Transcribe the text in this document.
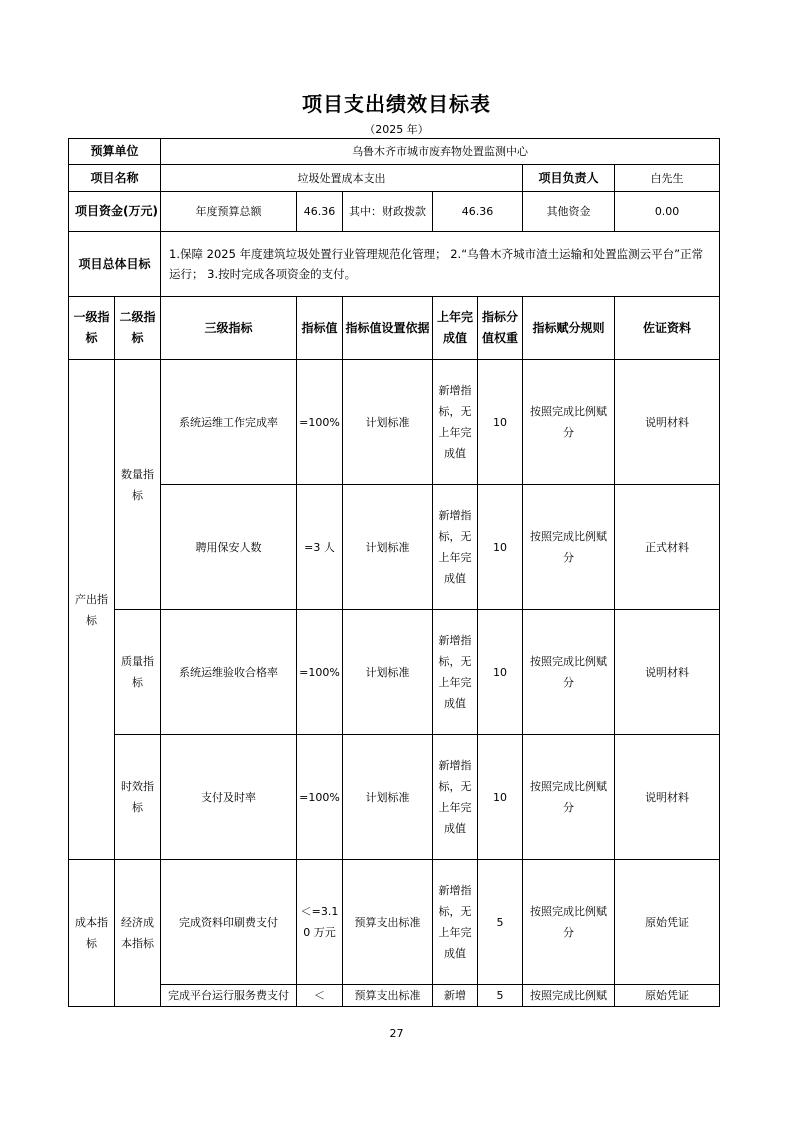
项目支出绩效目标表
（2025 年）
预算单位		乌鲁木齐市城市废弃物处置监测中心						
项目名称		垃圾处置成本支出					项目负责人	白先生
项目资金(万元)		年度预算总额	46.36	其中：财政拨款	46.36		其他资金	0.00
项目总体目标		1.保障 2025 年度建筑垃圾处置行业管理规范化管理； 2.“乌鲁木齐城市渣土运输和处置监测云平台”正常运行； 3.按时完成各项资金的支付。						
一级指标	二级指标	三级指标	指标值	指标值设置依据	上年完成值	指标分值权重	指标赋分规则	佐证资料
产出指标	数量指标	系统运维工作完成率	=100%	计划标准	新增指标，无上年完成值	10	按照完成比例赋分	说明材料
		聘用保安人数	=3 人	计划标准	新增指标，无上年完成值	10	按照完成比例赋分	正式材料
	质量指标	系统运维验收合格率	=100%	计划标准	新增指标，无上年完成值	10	按照完成比例赋分	说明材料
	时效指标	支付及时率	=100%	计划标准	新增指标，无上年完成值	10	按照完成比例赋分	说明材料
成本指标	经济成本指标	完成资料印刷费支付	＜=3.10 万元	预算支出标准	新增指标，无上年完成值	5	按照完成比例赋分	原始凭证
		完成平台运行服务费支付	＜	预算支出标准	新增	5	按照完成比例赋	原始凭证
27
